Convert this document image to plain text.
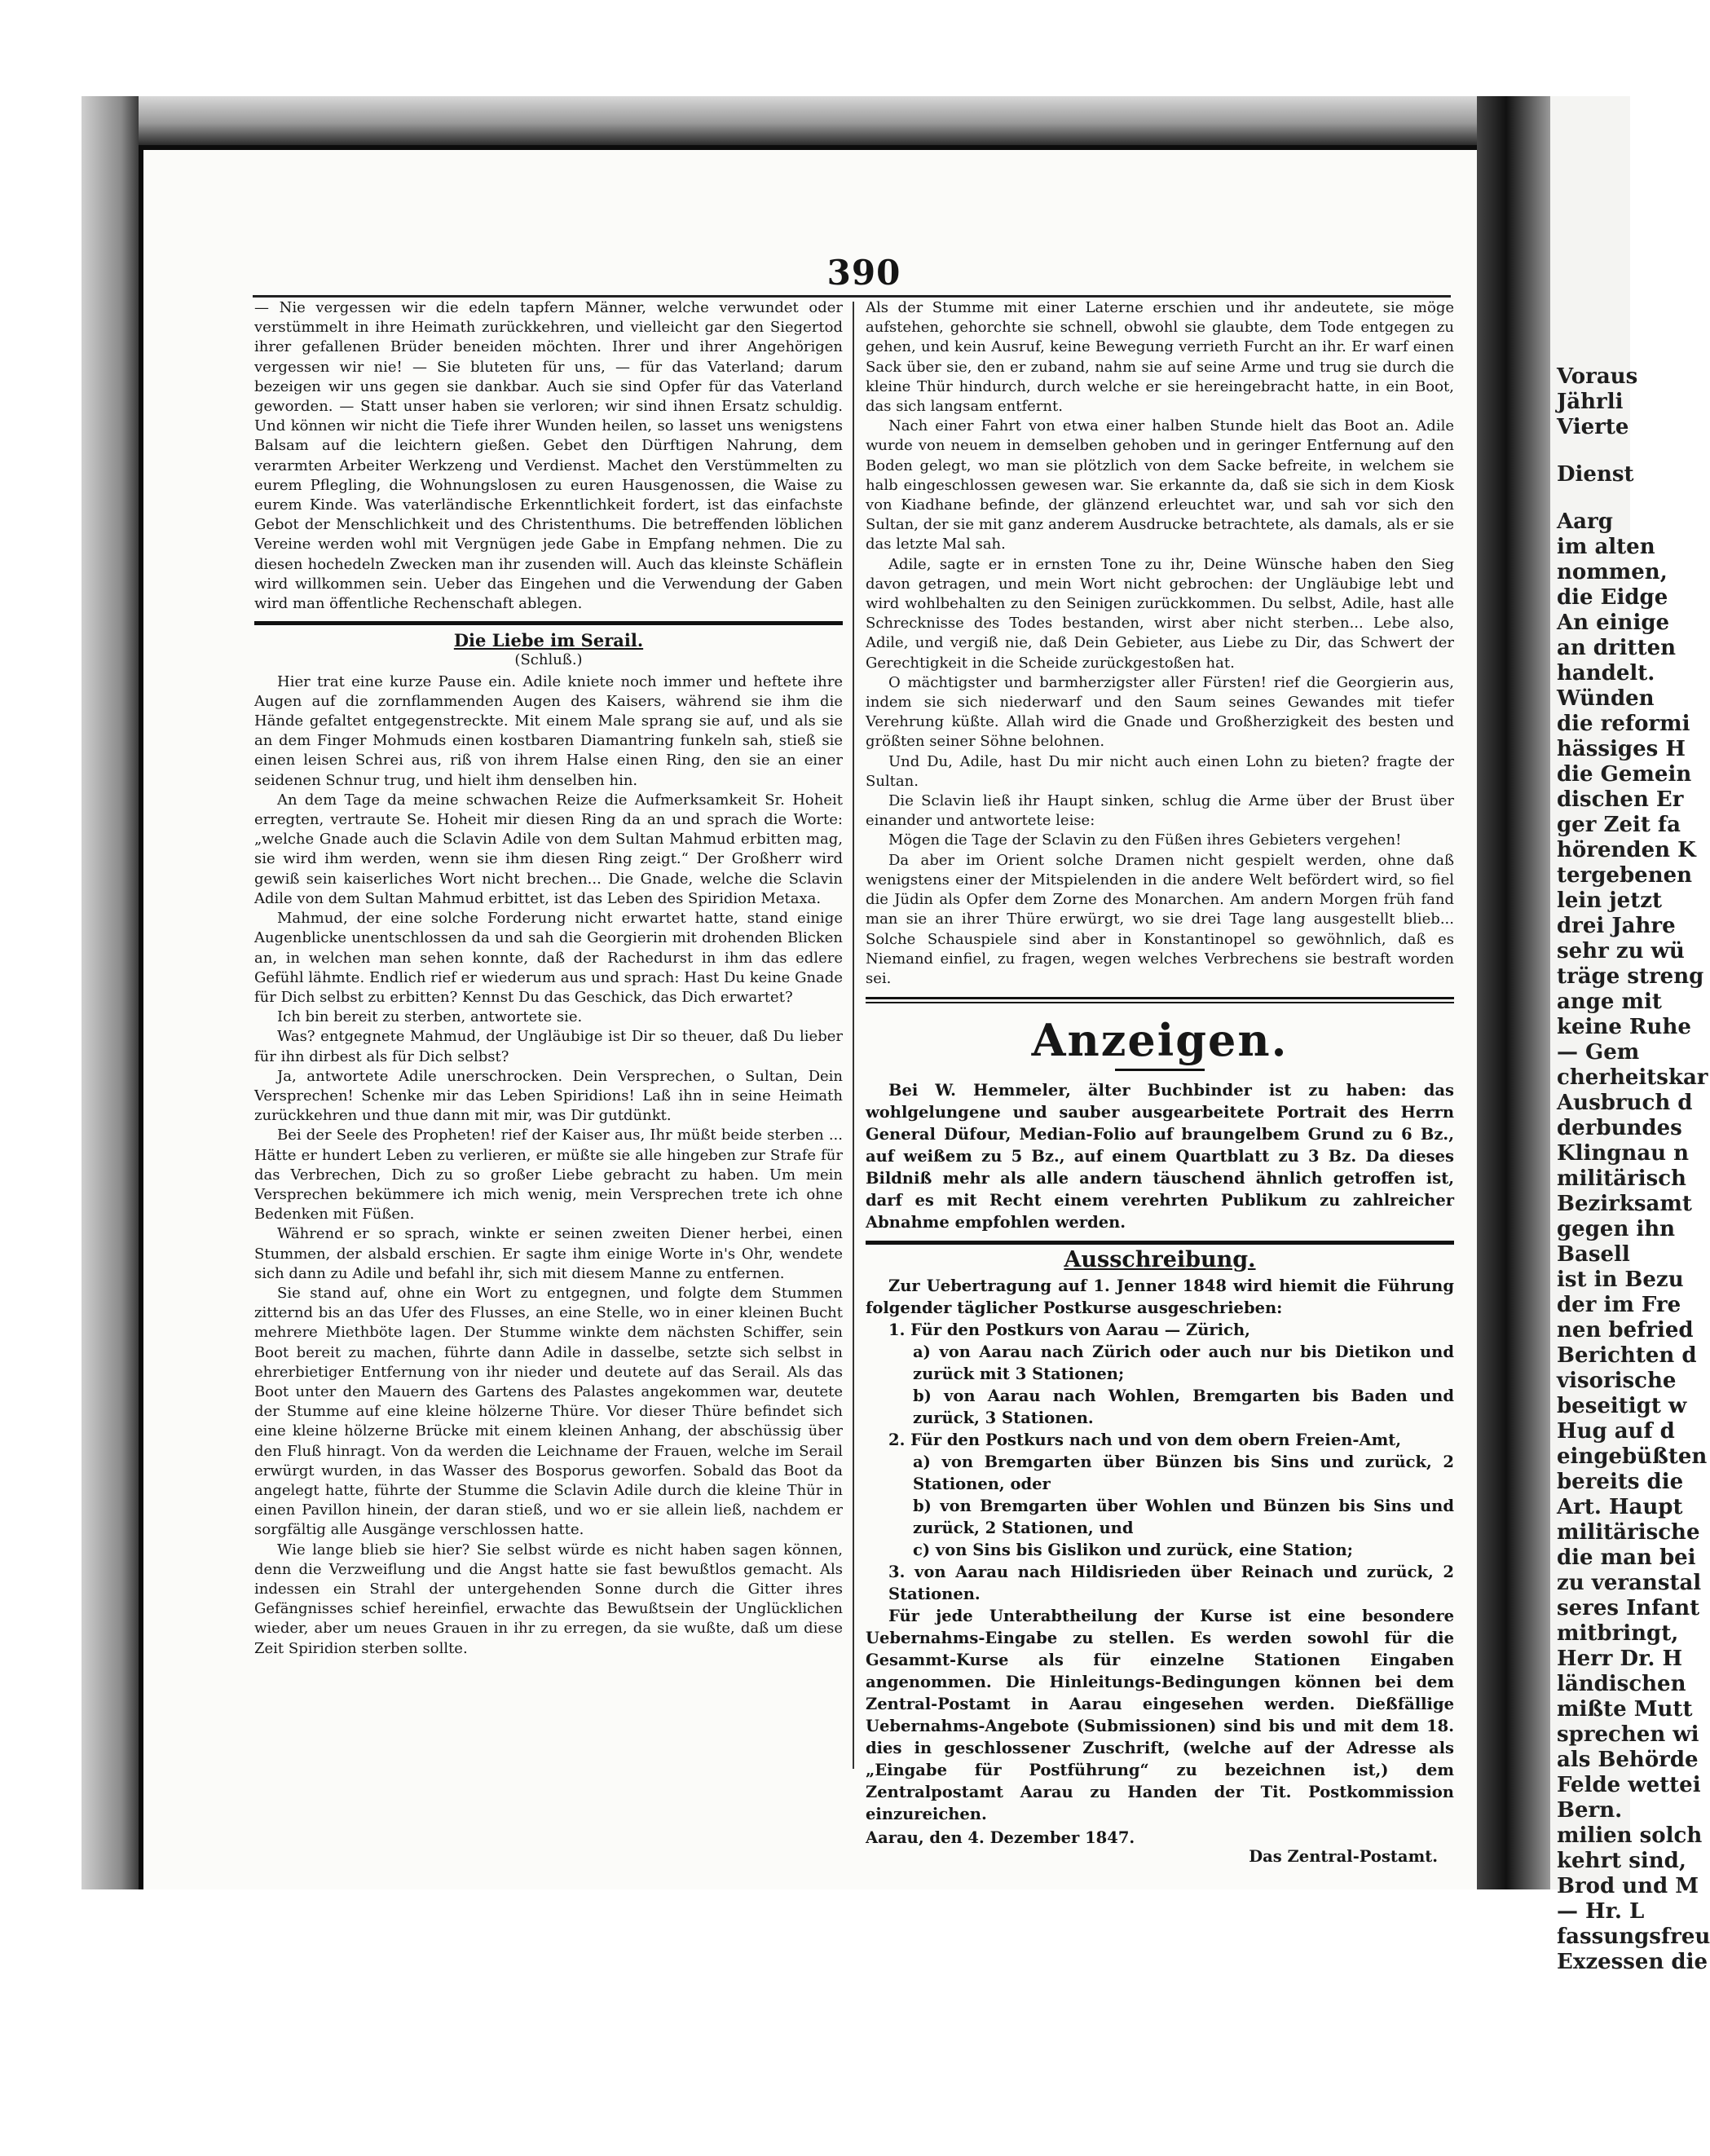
Voraus
Jährli
Vierte
Dienst
Aarg
im alten
nommen,
die Eidge
An einige
an dritten
handelt.
Wünden
die reformi
hässiges H
die Gemein
dischen Er
ger Zeit fa
hörenden K
tergebenen
lein jetzt
drei Jahre
sehr zu wü
träge streng
ange mit
keine Ruhe
— Gem
cherheitskar
Ausbruch d
derbundes
Klingnau n
militärisch
Bezirksamt
gegen ihn
Basell
ist in Bezu
der im Fre
nen befried
Berichten d
visorische
beseitigt w
Hug auf d
eingebüßten
bereits die
Art. Haupt
militärische
die man bei
zu veranstal
seres Infant
mitbringt,
Herr Dr. H
ländischen
mißte Mutt
sprechen wi
als Behörde
Felde wettei
Bern.
milien solch
kehrt sind,
Brod und M
— Hr. L
fassungsfreu
Exzessen die
390

— Nie vergessen wir die edeln tapfern Männer, welche verwundet oder verstümmelt in ihre Heimath zurückkehren, und vielleicht gar den Siegertod ihrer gefallenen Brüder beneiden möchten. Ihrer und ihrer Angehörigen vergessen wir nie! — Sie bluteten für uns, — für das Vaterland; darum bezeigen wir uns gegen sie dankbar. Auch sie sind Opfer für das Vaterland geworden. — Statt unser haben sie verloren; wir sind ihnen Ersatz schuldig. Und können wir nicht die Tiefe ihrer Wunden heilen, so lasset uns wenigstens Balsam auf die leichtern gießen. Gebet den Dürftigen Nahrung, dem verarmten Arbeiter Werkzeng und Verdienst. Machet den Verstümmelten zu eurem Pflegling, die Wohnungslosen zu euren Hausgenossen, die Waise zu eurem Kinde. Was vaterländische Erkenntlichkeit fordert, ist das einfachste Gebot der Menschlichkeit und des Christenthums. Die betreffenden löblichen Vereine werden wohl mit Vergnügen jede Gabe in Empfang nehmen. Die zu diesen hochedeln Zwecken man ihr zusenden will. Auch das kleinste Schäflein wird willkommen sein. Ueber das Eingehen und die Verwendung der Gaben wird man öffentliche Rechenschaft ablegen.

Die Liebe im Serail.
(Schluß.)

Hier trat eine kurze Pause ein. Adile kniete noch immer und heftete ihre Augen auf die zornflammenden Augen des Kaisers, während sie ihm die Hände gefaltet entgegenstreckte. Mit einem Male sprang sie auf, und als sie an dem Finger Mohmuds einen kostbaren Diamantring funkeln sah, stieß sie einen leisen Schrei aus, riß von ihrem Halse einen Ring, den sie an einer seidenen Schnur trug, und hielt ihm denselben hin.

An dem Tage da meine schwachen Reize die Aufmerksamkeit Sr. Hoheit erregten, vertraute Se. Hoheit mir diesen Ring da an und sprach die Worte: „welche Gnade auch die Sclavin Adile von dem Sultan Mahmud erbitten mag, sie wird ihm werden, wenn sie ihm diesen Ring zeigt.“ Der Großherr wird gewiß sein kaiserliches Wort nicht brechen... Die Gnade, welche die Sclavin Adile von dem Sultan Mahmud erbittet, ist das Leben des Spiridion Metaxa.

Mahmud, der eine solche Forderung nicht erwartet hatte, stand einige Augenblicke unentschlossen da und sah die Georgierin mit drohenden Blicken an, in welchen man sehen konnte, daß der Rachedurst in ihm das edlere Gefühl lähmte. Endlich rief er wiederum aus und sprach: Hast Du keine Gnade für Dich selbst zu erbitten? Kennst Du das Geschick, das Dich erwartet?

Ich bin bereit zu sterben, antwortete sie.

Was? entgegnete Mahmud, der Ungläubige ist Dir so theuer, daß Du lieber für ihn dirbest als für Dich selbst?

Ja, antwortete Adile unerschrocken. Dein Versprechen, o Sultan, Dein Versprechen! Schenke mir das Leben Spiridions! Laß ihn in seine Heimath zurückkehren und thue dann mit mir, was Dir gutdünkt.

Bei der Seele des Propheten! rief der Kaiser aus, Ihr müßt beide sterben ... Hätte er hundert Leben zu verlieren, er müßte sie alle hingeben zur Strafe für das Verbrechen, Dich zu so großer Liebe gebracht zu haben. Um mein Versprechen bekümmere ich mich wenig, mein Versprechen trete ich ohne Bedenken mit Füßen.

Während er so sprach, winkte er seinen zweiten Diener herbei, einen Stummen, der alsbald erschien. Er sagte ihm einige Worte in's Ohr, wendete sich dann zu Adile und befahl ihr, sich mit diesem Manne zu entfernen.

Sie stand auf, ohne ein Wort zu entgegnen, und folgte dem Stummen zitternd bis an das Ufer des Flusses, an eine Stelle, wo in einer kleinen Bucht mehrere Miethböte lagen. Der Stumme winkte dem nächsten Schiffer, sein Boot bereit zu machen, führte dann Adile in dasselbe, setzte sich selbst in ehrerbietiger Entfernung von ihr nieder und deutete auf das Serail. Als das Boot unter den Mauern des Gartens des Palastes angekommen war, deutete der Stumme auf eine kleine hölzerne Thüre. Vor dieser Thüre befindet sich eine kleine hölzerne Brücke mit einem kleinen Anhang, der abschüssig über den Fluß hinragt. Von da werden die Leichname der Frauen, welche im Serail erwürgt wurden, in das Wasser des Bosporus geworfen. Sobald das Boot da angelegt hatte, führte der Stumme die Sclavin Adile durch die kleine Thür in einen Pavillon hinein, der daran stieß, und wo er sie allein ließ, nachdem er sorgfältig alle Ausgänge verschlossen hatte.

Wie lange blieb sie hier? Sie selbst würde es nicht haben sagen können, denn die Verzweiflung und die Angst hatte sie fast bewußtlos gemacht. Als indessen ein Strahl der untergehenden Sonne durch die Gitter ihres Gefängnisses schief hereinfiel, erwachte das Bewußtsein der Unglücklichen wieder, aber um neues Grauen in ihr zu erregen, da sie wußte, daß um diese Zeit Spiridion sterben sollte.

Als der Stumme mit einer Laterne erschien und ihr andeutete, sie möge aufstehen, gehorchte sie schnell, obwohl sie glaubte, dem Tode entgegen zu gehen, und kein Ausruf, keine Bewegung verrieth Furcht an ihr. Er warf einen Sack über sie, den er zuband, nahm sie auf seine Arme und trug sie durch die kleine Thür hindurch, durch welche er sie hereingebracht hatte, in ein Boot, das sich langsam entfernt.

Nach einer Fahrt von etwa einer halben Stunde hielt das Boot an. Adile wurde von neuem in demselben gehoben und in geringer Entfernung auf den Boden gelegt, wo man sie plötzlich von dem Sacke befreite, in welchem sie halb eingeschlossen gewesen war. Sie erkannte da, daß sie sich in dem Kiosk von Kiadhane befinde, der glänzend erleuchtet war, und sah vor sich den Sultan, der sie mit ganz anderem Ausdrucke betrachtete, als damals, als er sie das letzte Mal sah.

Adile, sagte er in ernsten Tone zu ihr, Deine Wünsche haben den Sieg davon getragen, und mein Wort nicht gebrochen: der Ungläubige lebt und wird wohlbehalten zu den Seinigen zurückkommen. Du selbst, Adile, hast alle Schrecknisse des Todes bestanden, wirst aber nicht sterben... Lebe also, Adile, und vergiß nie, daß Dein Gebieter, aus Liebe zu Dir, das Schwert der Gerechtigkeit in die Scheide zurückgestoßen hat.

O mächtigster und barmherzigster aller Fürsten! rief die Georgierin aus, indem sie sich niederwarf und den Saum seines Gewandes mit tiefer Verehrung küßte. Allah wird die Gnade und Großherzigkeit des besten und größten seiner Söhne belohnen.

Und Du, Adile, hast Du mir nicht auch einen Lohn zu bieten? fragte der Sultan.

Die Sclavin ließ ihr Haupt sinken, schlug die Arme über der Brust über einander und antwortete leise:

Mögen die Tage der Sclavin zu den Füßen ihres Gebieters vergehen!

Da aber im Orient solche Dramen nicht gespielt werden, ohne daß wenigstens einer der Mitspielenden in die andere Welt befördert wird, so fiel die Jüdin als Opfer dem Zorne des Monarchen. Am andern Morgen früh fand man sie an ihrer Thüre erwürgt, wo sie drei Tage lang ausgestellt blieb... Solche Schauspiele sind aber in Konstantinopel so gewöhnlich, daß es Niemand einfiel, zu fragen, wegen welches Verbrechens sie bestraft worden sei.

Anzeigen.

Bei W. Hemmeler, älter Buchbinder ist zu haben: das wohlgelungene und sauber ausgearbeitete Portrait des Herrn General Düfour, Median-Folio auf braungelbem Grund zu 6 Bz., auf weißem zu 5 Bz., auf einem Quartblatt zu 3 Bz. Da dieses Bildniß mehr als alle andern täuschend ähnlich getroffen ist, darf es mit Recht einem verehrten Publikum zu zahlreicher Abnahme empfohlen werden.

Ausschreibung.

Zur Uebertragung auf 1. Jenner 1848 wird hiemit die Führung folgender täglicher Postkurse ausgeschrieben:

1. Für den Postkurs von Aarau — Zürich,

a) von Aarau nach Zürich oder auch nur bis Dietikon und zurück mit 3 Stationen;

b) von Aarau nach Wohlen, Bremgarten bis Baden und zurück, 3 Stationen.

2. Für den Postkurs nach und von dem obern Freien-Amt,

a) von Bremgarten über Bünzen bis Sins und zurück, 2 Stationen, oder

b) von Bremgarten über Wohlen und Bünzen bis Sins und zurück, 2 Stationen, und

c) von Sins bis Gislikon und zurück, eine Station;

3. von Aarau nach Hildisrieden über Reinach und zurück, 2 Stationen.

Für jede Unterabtheilung der Kurse ist eine besondere Uebernahms-Eingabe zu stellen. Es werden sowohl für die Gesammt-Kurse als für einzelne Stationen Eingaben angenommen. Die Hinleitungs-Bedingungen können bei dem Zentral-Postamt in Aarau eingesehen werden. Dießfällige Uebernahms-Angebote (Submissionen) sind bis und mit dem 18. dies in geschlossener Zuschrift, (welche auf der Adresse als „Eingabe für Postführung“ zu bezeichnen ist,) dem Zentralpostamt Aarau zu Handen der Tit. Postkommission einzureichen.

Aarau, den 4. Dezember 1847.
Das Zentral-Postamt.
